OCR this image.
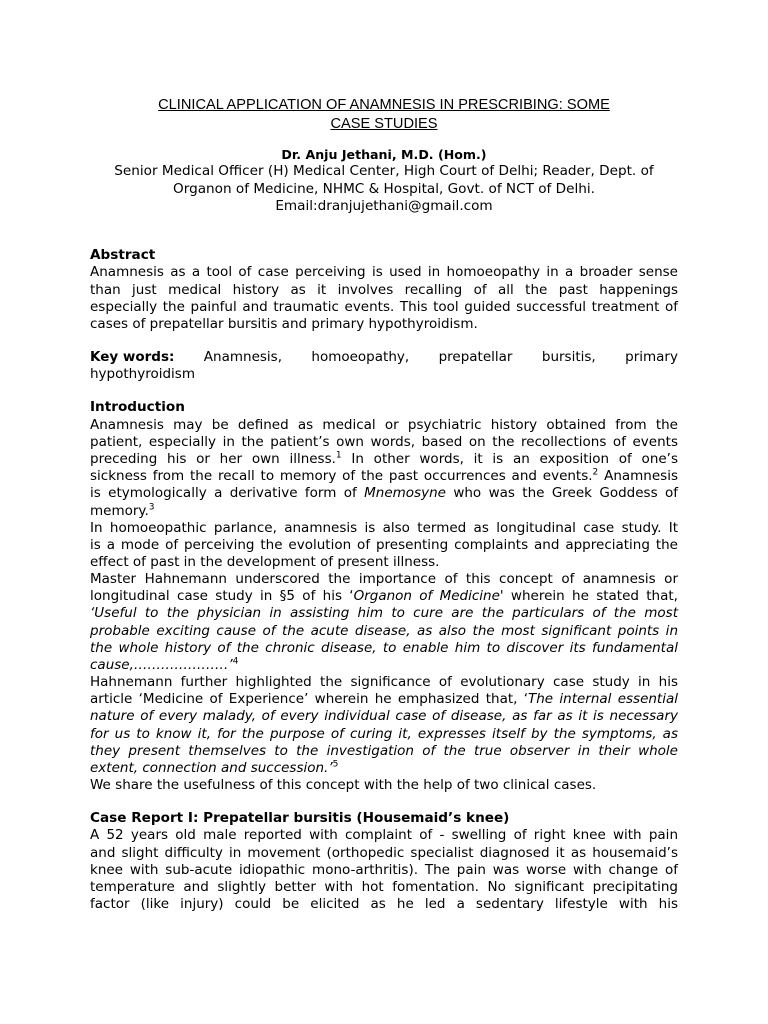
CLINICAL APPLICATION OF ANAMNESIS IN PRESCRIBING: SOME
CASE STUDIES
Dr. Anju Jethani, M.D. (Hom.)
Senior Medical Officer (H) Medical Center, High Court of Delhi; Reader, Dept. of
Organon of Medicine, NHMC & Hospital, Govt. of NCT of Delhi.
Email:dranjujethani@gmail.com
Abstract
Anamnesis as a tool of case perceiving is used in homoeopathy in a broader sense
than just medical history as it involves recalling of all the past happenings
especially the painful and traumatic events. This tool guided successful treatment of
cases of prepatellar bursitis and primary hypothyroidism.
Key words: Anamnesis, homoeopathy, prepatellar bursitis, primary
hypothyroidism
Introduction
Anamnesis may be defined as medical or psychiatric history obtained from the
patient, especially in the patient’s own words, based on the recollections of events
preceding his or her own illness.$^1$ In other words, it is an exposition of one’s
sickness from the recall to memory of the past occurrences and events.$^2$ Anamnesis
is etymologically a derivative form of Mnemosyne who was the Greek Goddess of
memory.$^3$
In homoeopathic parlance, anamnesis is also termed as longitudinal case study. It
is a mode of perceiving the evolution of presenting complaints and appreciating the
effect of past in the development of present illness.
Master Hahnemann underscored the importance of this concept of anamnesis or
longitudinal case study in §5 of his ‘Organon of Medicine' wherein he stated that,
‘Useful to the physician in assisting him to cure are the particulars of the most
probable exciting cause of the acute disease, as also the most significant points in
the whole history of the chronic disease, to enable him to discover its fundamental
cause,…………………’$^4$
Hahnemann further highlighted the significance of evolutionary case study in his
article ‘Medicine of Experience’ wherein he emphasized that, ‘The internal essential
nature of every malady, of every individual case of disease, as far as it is necessary
for us to know it, for the purpose of curing it, expresses itself by the symptoms, as
they present themselves to the investigation of the true observer in their whole
extent, connection and succession.’$^5$
We share the usefulness of this concept with the help of two clinical cases.
Case Report I: Prepatellar bursitis (Housemaid’s knee)
A 52 years old male reported with complaint of - swelling of right knee with pain
and slight difficulty in movement (orthopedic specialist diagnosed it as housemaid’s
knee with sub-acute idiopathic mono-arthritis). The pain was worse with change of
temperature and slightly better with hot fomentation. No significant precipitating
factor (like injury) could be elicited as he led a sedentary lifestyle with his
